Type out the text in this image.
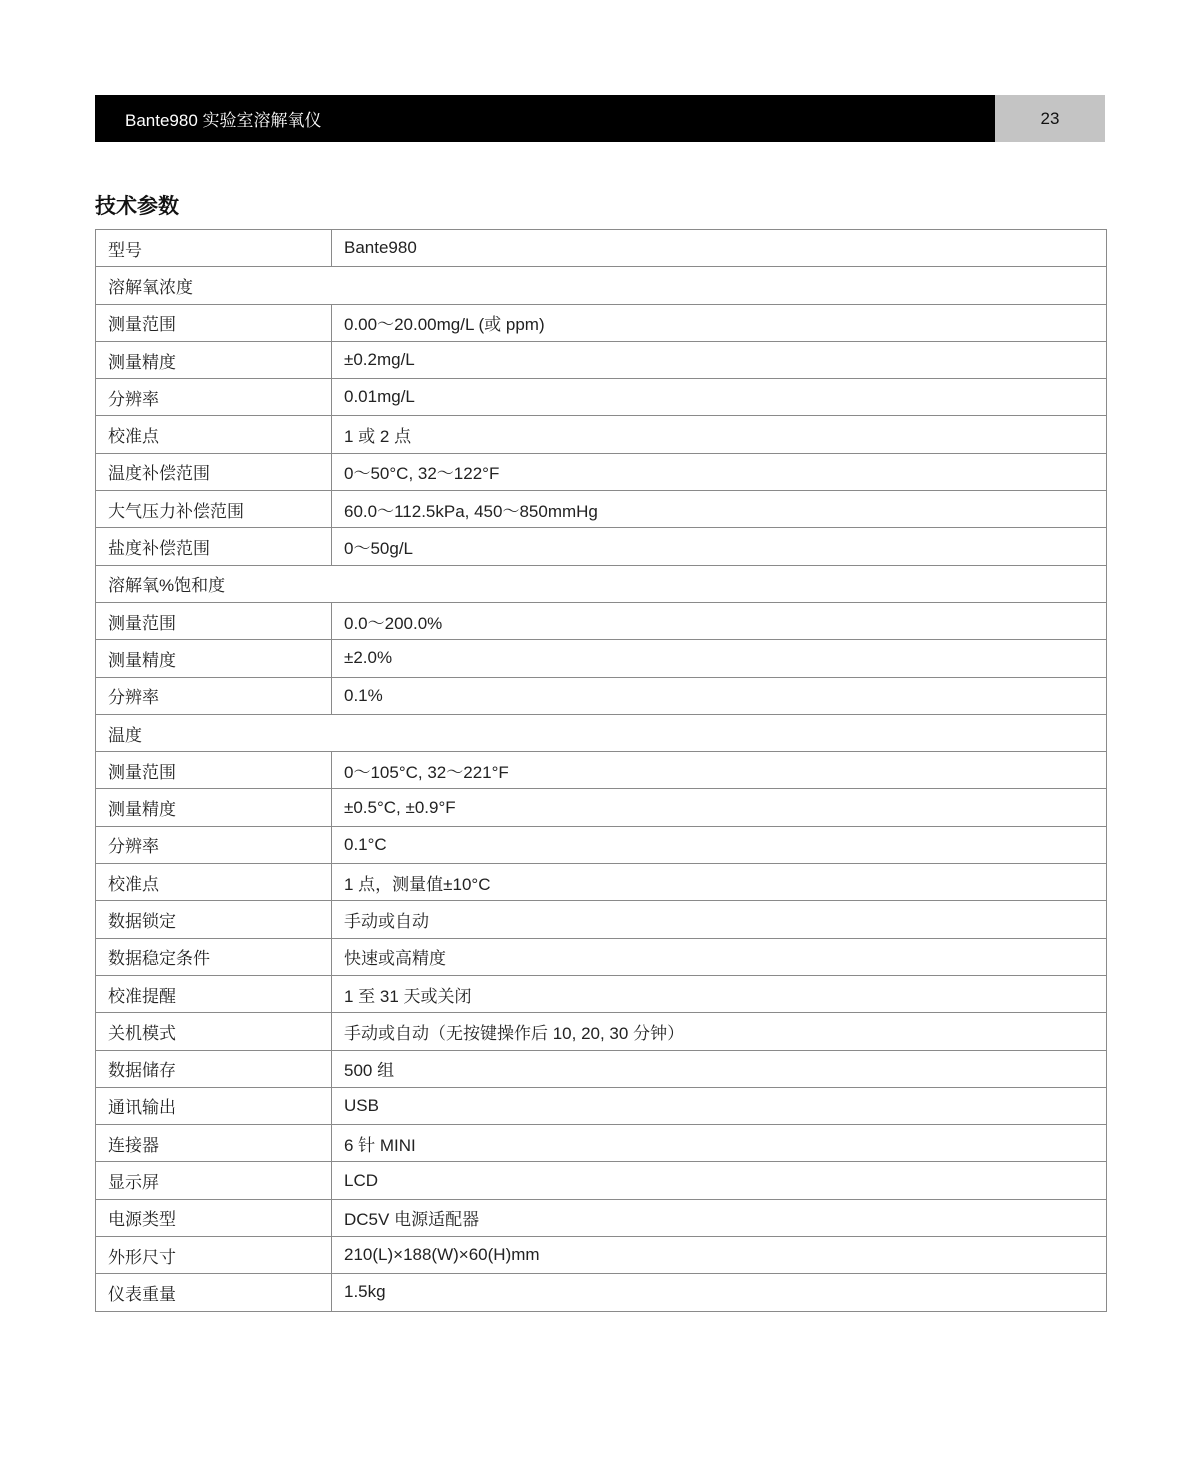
Bante980 实验室溶解氧仪	23
技术参数
型号	Bante980
溶解氧浓度	
测量范围	0.00～20.00mg/L (或 ppm)
测量精度	±0.2mg/L
分辨率	0.01mg/L
校准点	1 或 2 点
温度补偿范围	0～50°C, 32～122°F
大气压力补偿范围	60.0～112.5kPa, 450～850mmHg
盐度补偿范围	0～50g/L
溶解氧%饱和度	
测量范围	0.0～200.0%
测量精度	±2.0%
分辨率	0.1%
温度	
测量范围	0～105°C, 32～221°F
测量精度	±0.5°C, ±0.9°F
分辨率	0.1°C
校准点	1 点，测量值±10°C
数据锁定	手动或自动
数据稳定条件	快速或高精度
校准提醒	1 至 31 天或关闭
关机模式	手动或自动（无按键操作后 10, 20, 30 分钟）
数据储存	500 组
通讯输出	USB
连接器	6 针 MINI
显示屏	LCD
电源类型	DC5V 电源适配器
外形尺寸	210(L)×188(W)×60(H)mm
仪表重量	1.5kg
